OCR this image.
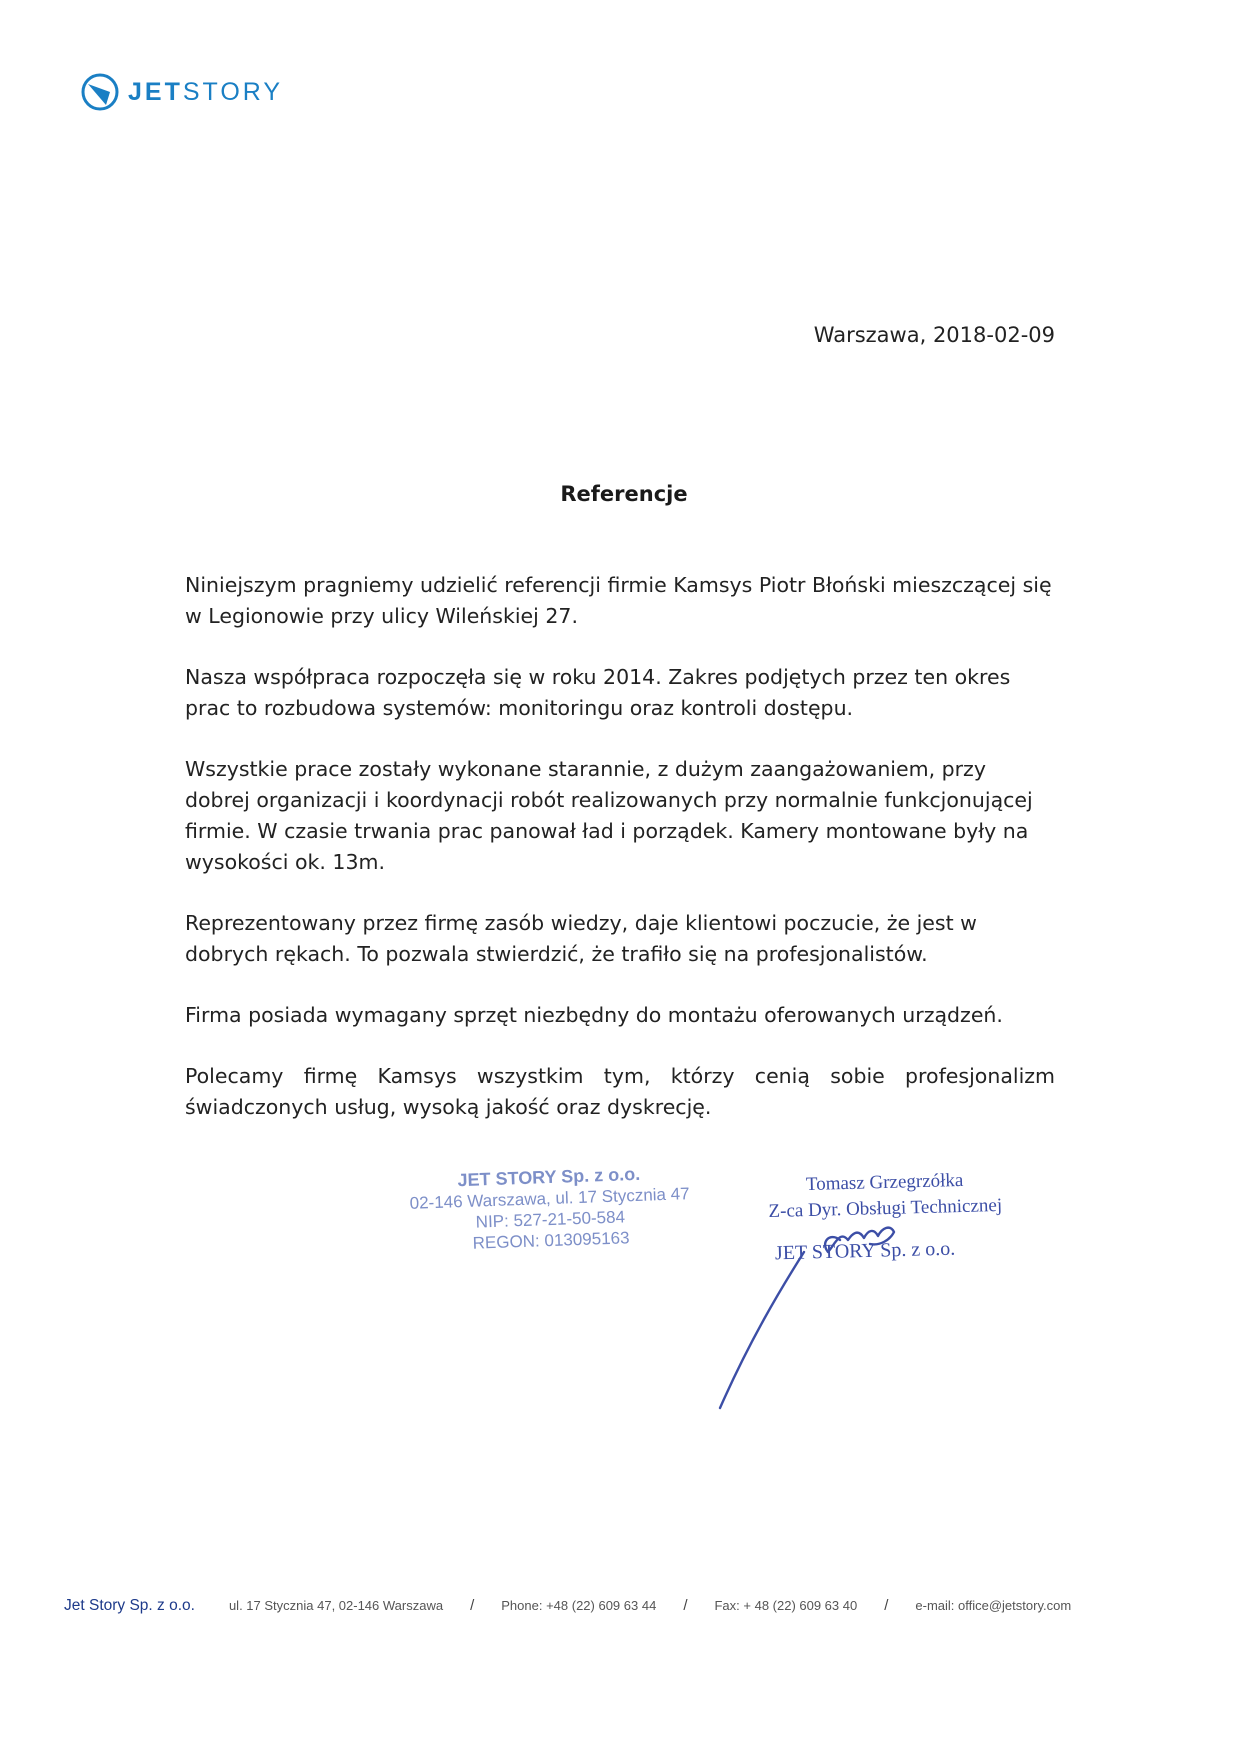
JETSTORY
Warszawa, 2018-02-09
Referencje

Niniejszym pragniemy udzielić referencji firmie Kamsys Piotr Błoński mieszczącej się w Legionowie przy ulicy Wileńskiej 27.

Nasza współpraca rozpoczęła się w roku 2014. Zakres podjętych przez ten okres prac to rozbudowa systemów: monitoringu oraz kontroli dostępu.

Wszystkie prace zostały wykonane starannie, z dużym zaangażowaniem, przy dobrej organizacji i koordynacji robót realizowanych przy normalnie funkcjonującej firmie. W czasie trwania prac panował ład i porządek. Kamery montowane były na wysokości ok. 13m.

Reprezentowany przez firmę zasób wiedzy, daje klientowi poczucie, że jest w dobrych rękach. To pozwala stwierdzić, że trafiło się na profesjonalistów.

Firma posiada wymagany sprzęt niezbędny do montażu oferowanych urządzeń.

Polecamy firmę Kamsys wszystkim tym, którzy cenią sobie profesjonalizm świadczonych usług, wysoką jakość oraz dyskrecję.

JET STORY Sp. z o.o.
02-146 Warszawa, ul. 17 Stycznia 47
NIP: 527-21-50-584
REGON: 013095163
Tomasz Grzegrzółka
Z-ca Dyr. Obsługi Technicznej
JET STORY Sp. z o.o.
Jet Story Sp. z o.o.	ul. 17 Stycznia 47, 02-146 Warszawa / Phone: +48 (22) 609 63 44 / Fax: + 48 (22) 609 63 40 / e-mail: office@jetstory.com
